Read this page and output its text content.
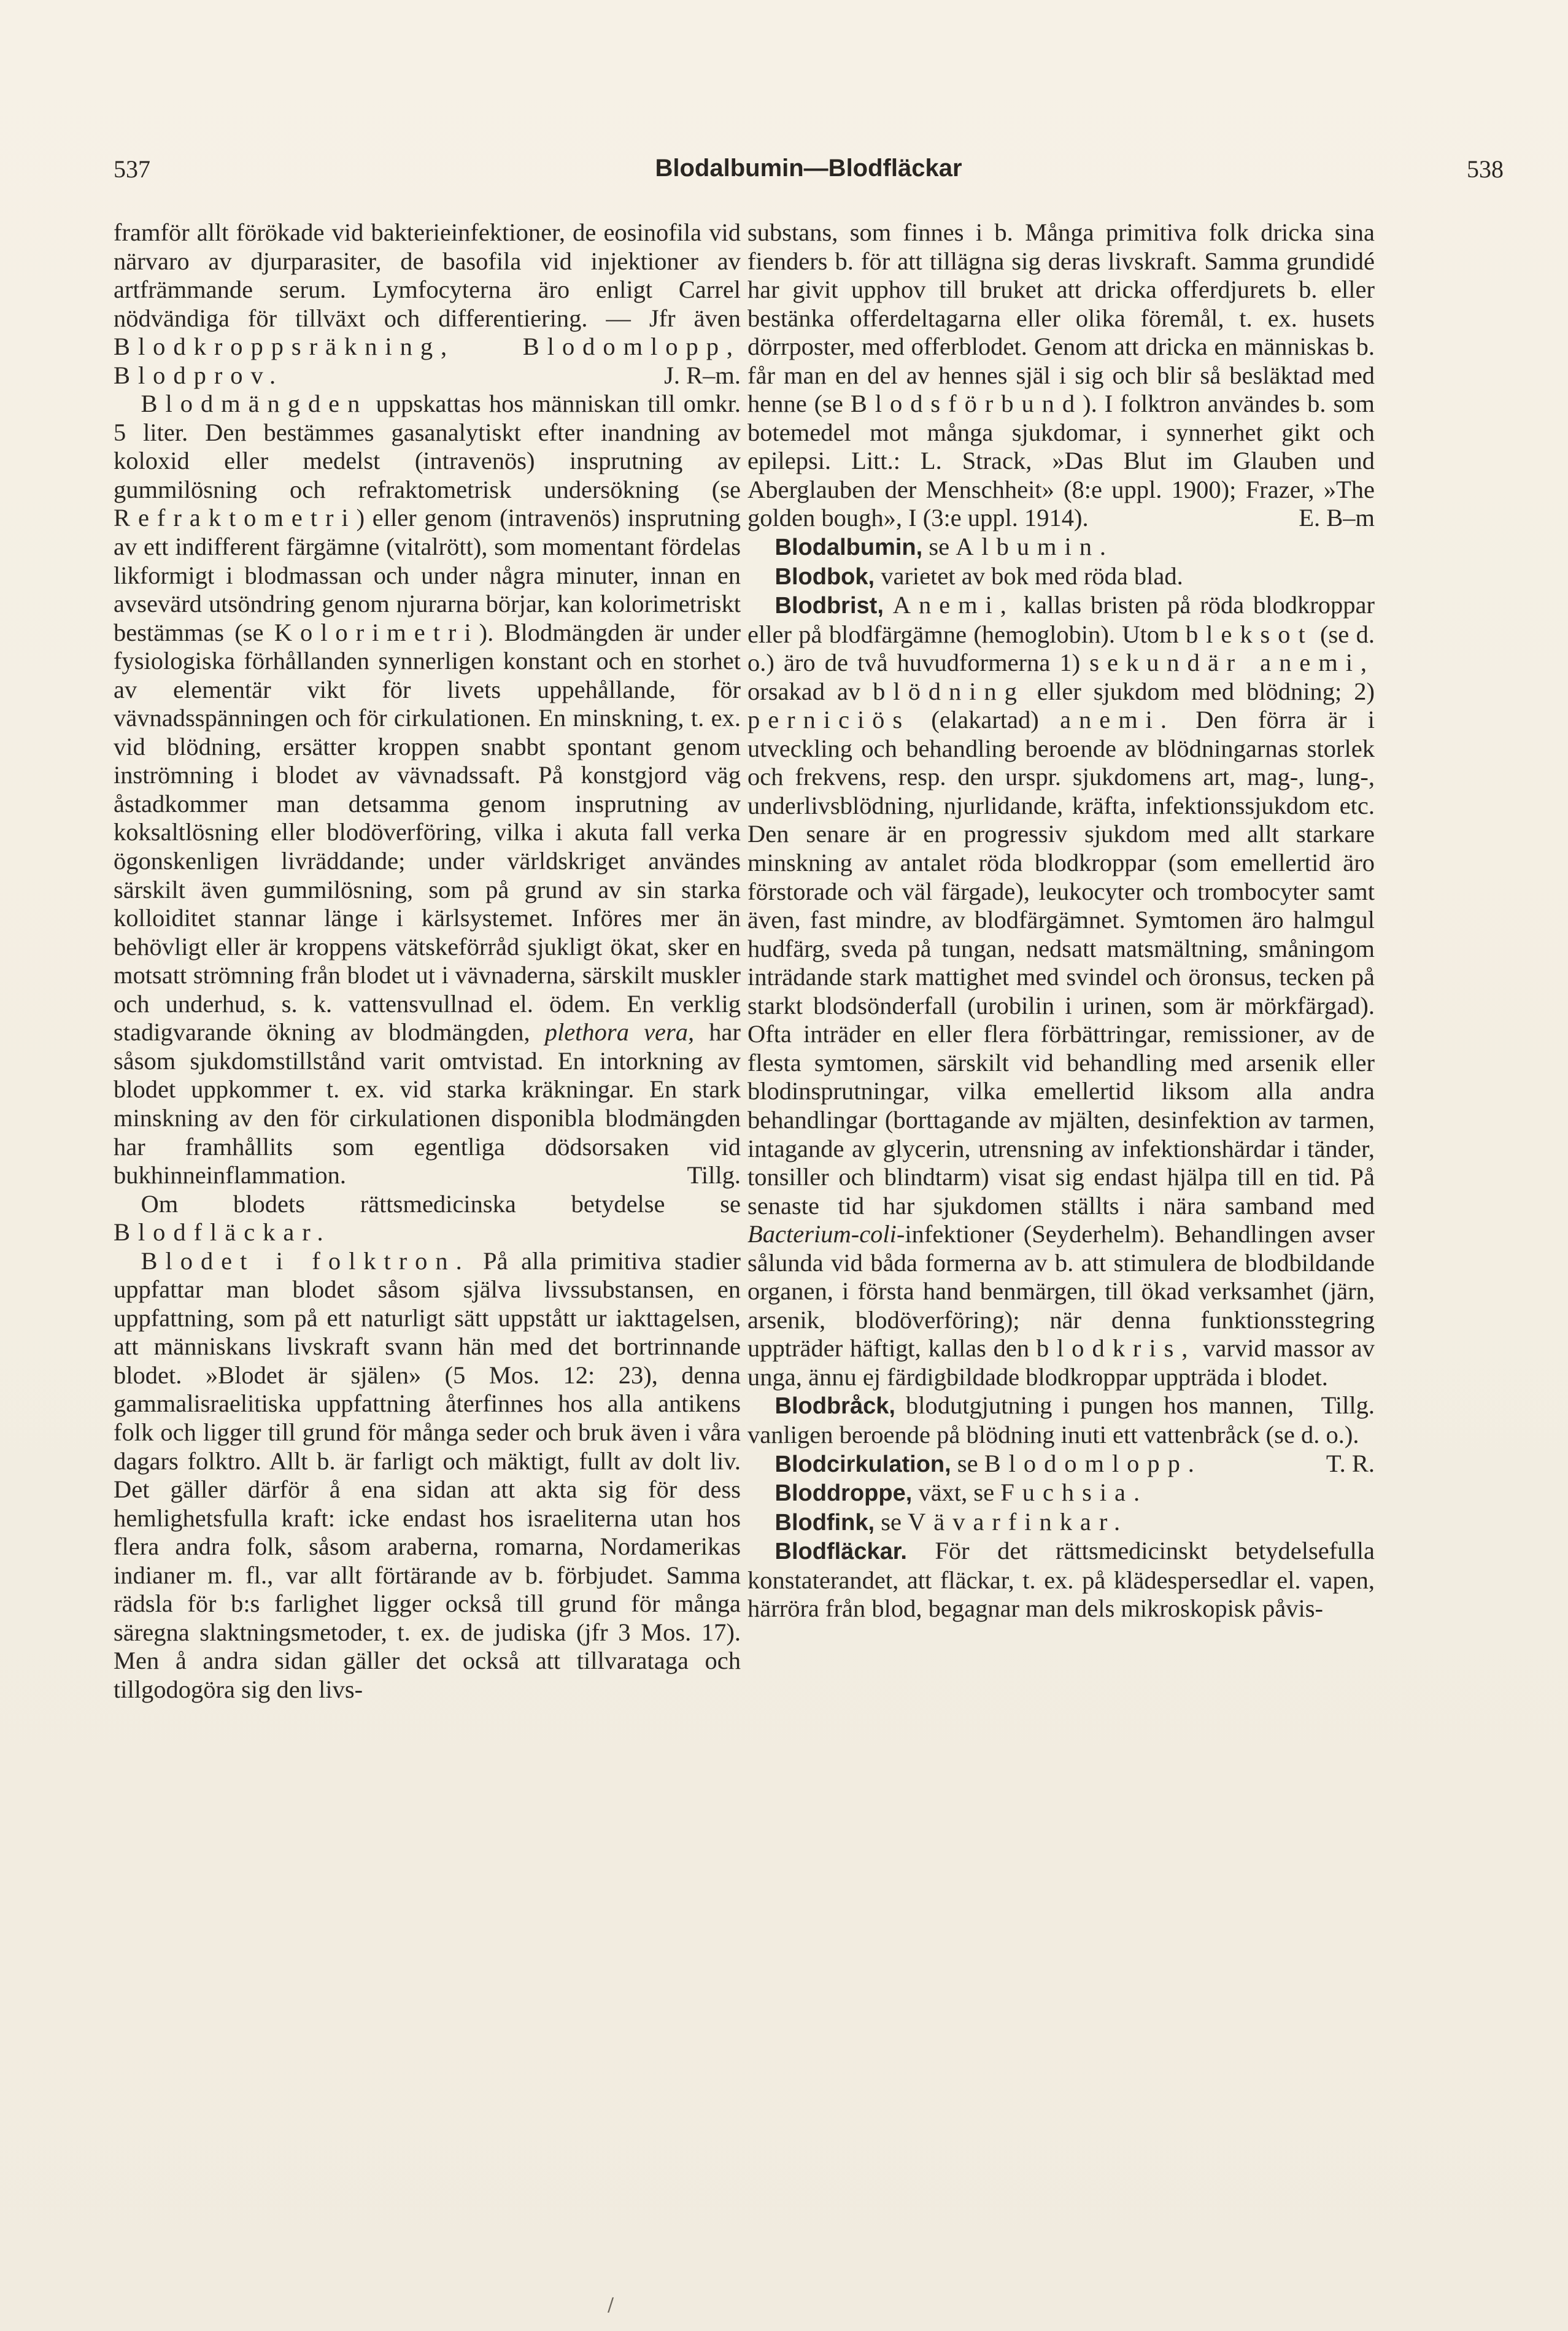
537	Blodalbumin—Blodfläckar	538

framför allt förökade vid bakterieinfektioner, de eosinofila vid närvaro av djurparasiter, de basofila vid injektioner av artfrämmande serum. Lymfocyterna äro enligt Carrel nödvändiga för tillväxt och differentiering. — Jfr även Blodkroppsräkning,	Blodomlopp, Blodprov.	J. R–m.

Blodmängden uppskattas hos människan till omkr. 5 liter. Den bestämmes gasanalytiskt efter inandning av koloxid eller medelst (intravenös) insprutning av gummilösning och refraktometrisk undersökning (se Refraktometri) eller genom (intravenös) insprutning av ett indifferent färgämne (vitalrött), som momentant fördelas likformigt i blodmassan och under några minuter, innan en avsevärd utsöndring genom njurarna börjar, kan kolorimetriskt bestämmas (se Kolorimetri). Blodmängden är under fysiologiska förhållanden synnerligen konstant och en storhet av elementär vikt för livets uppehållande, för vävnadsspänningen och för cirkulationen. En minskning, t. ex. vid blödning, ersätter kroppen snabbt spontant genom inströmning i blodet av vävnadssaft. På konstgjord väg åstadkommer man detsamma genom insprutning av koksaltlösning eller blodöverföring, vilka i akuta fall verka ögonskenligen livräddande; under världskriget användes särskilt även gummilösning, som på grund av sin starka kolloiditet stannar länge i kärlsystemet. Införes mer än behövligt eller är kroppens vätskeförråd sjukligt ökat, sker en motsatt strömning från blodet ut i vävnaderna, särskilt muskler och underhud, s. k. vattensvullnad el. ödem. En verklig stadigvarande ökning av blodmängden, plethora vera, har såsom sjukdomstillstånd varit omtvistad. En intorkning av blodet uppkommer t. ex. vid starka kräkningar. En stark minskning av den för cirkulationen disponibla blodmängden har framhållits som egentliga dödsorsaken vid bukhinneinflammation.	Tillg.

Om blodets rättsmedicinska betydelse se Blodfläckar.

Blodet i folktron. På alla primitiva stadier uppfattar man blodet såsom själva livssubstansen, en uppfattning, som på ett naturligt sätt uppstått ur iakttagelsen, att människans livskraft svann hän med det bortrinnande blodet. »Blodet är själen» (5 Mos. 12: 23), denna gammalisraelitiska uppfattning återfinnes hos alla antikens folk och ligger till grund för många seder och bruk även i våra dagars folktro. Allt b. är farligt och mäktigt, fullt av dolt liv. Det gäller därför å ena sidan att akta sig för dess hemlighetsfulla kraft: icke endast hos israeliterna utan hos flera andra folk, såsom araberna, romarna, Nordamerikas indianer m. fl., var allt förtärande av b. förbjudet. Samma rädsla för b:s farlighet ligger också till grund för många säregna slaktningsmetoder, t. ex. de judiska (jfr 3 Mos. 17). Men å andra sidan gäller det också att tillvarataga och tillgodogöra sig den livs-

substans, som finnes i b. Många primitiva folk dricka sina fienders b. för att tillägna sig deras livskraft. Samma grundidé har givit upphov till bruket att dricka offerdjurets b. eller bestänka offerdeltagarna eller olika föremål, t. ex. husets dörrposter, med offerblodet. Genom att dricka en människas b. får man en del av hennes själ i sig och blir så besläktad med henne (se Blodsförbund). I folktron användes b. som botemedel mot många sjukdomar, i synnerhet gikt och epilepsi. Litt.: L. Strack, »Das Blut im Glauben und Aberglauben der Menschheit» (8:e uppl. 1900); Frazer, »The golden bough», I (3:e uppl. 1914).	E. B–m

Blodalbumin, se Albumin.

Blodbok, varietet av bok med röda blad.

Blodbrist, Anemi, kallas bristen på röda blodkroppar eller på blodfärgämne (hemoglobin). Utom bleksot (se d. o.) äro de två huvudformerna 1) sekundär anemi, orsakad av blödning eller sjukdom med blödning; 2) perniciös (elakartad) anemi. Den förra är i utveckling och behandling beroende av blödningarnas storlek och frekvens, resp. den urspr. sjukdomens art, mag-, lung-, underlivsblödning, njurlidande, kräfta, infektionssjukdom etc. Den senare är en progressiv sjukdom med allt starkare minskning av antalet röda blodkroppar (som emellertid äro förstorade och väl färgade), leukocyter och trombocyter samt även, fast mindre, av blodfärgämnet. Symtomen äro halmgul hudfärg, sveda på tungan, nedsatt matsmältning, småningom inträdande stark mattighet med svindel och öronsus, tecken på starkt blodsönderfall (urobilin i urinen, som är mörkfärgad). Ofta inträder en eller flera förbättringar, remissioner, av de flesta symtomen, särskilt vid behandling med arsenik eller blodinsprutningar, vilka emellertid liksom alla andra behandlingar (borttagande av mjälten, desinfektion av tarmen, intagande av glycerin, utrensning av infektionshärdar i tänder, tonsiller och blindtarm) visat sig endast hjälpa till en tid. På senaste tid har sjukdomen ställts i nära samband med Bacterium-coli-infektioner (Seyderhelm). Behandlingen avser sålunda vid båda formerna av b. att stimulera de blodbildande organen, i första hand benmärgen, till ökad verksamhet (järn, arsenik, blodöverföring); när denna funktionsstegring uppträder häftigt, kallas den blodkris, varvid massor av unga, ännu ej färdigbildade blodkroppar uppträda i blodet.
Tillg.

Blodbråck, blodutgjutning i pungen hos mannen, vanligen beroende på blödning inuti ett vattenbråck (se d. o.).
T. R.

Blodcirkulation, se Blodomlopp.

Bloddroppe, växt, se Fuchsia.

Blodfink, se Vävarfinkar.

Blodfläckar. För det rättsmedicinskt betydelsefulla konstaterandet, att fläckar, t. ex. på klädespersedlar el. vapen, härröra från blod, begagnar man dels mikroskopisk påvis-

/
